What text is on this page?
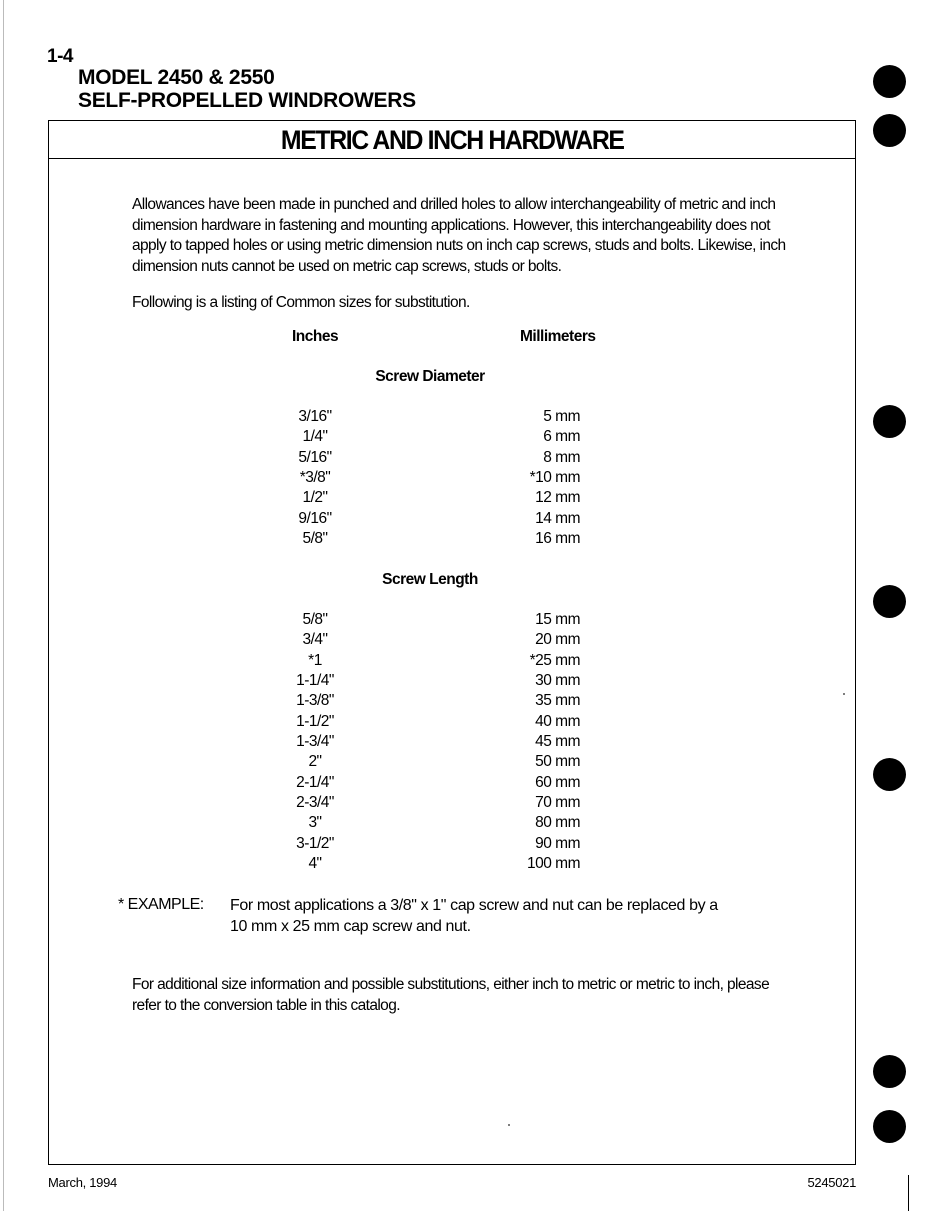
1-4
MODEL 2450 & 2550
SELF-PROPELLED WINDROWERS
METRIC AND INCH HARDWARE
Allowances have been made in punched and drilled holes to allow interchangeability of metric and inch dimension hardware in fastening and mounting applications. However, this interchangeability does not apply to tapped holes or using metric dimension nuts on inch cap screws, studs and bolts. Likewise, inch dimension nuts cannot be used on metric cap screws, studs or bolts.
Following is a listing of Common sizes for substitution.
Inches	Millimeters
Screw Diameter
3/16"	5 mm
1/4"	6 mm
5/16"	8 mm
*3/8"	*10 mm
1/2"	12 mm
9/16"	14 mm
5/8"	16 mm
Screw Length
5/8"	15 mm
3/4"	20 mm
*1	*25 mm
1-1/4"	30 mm
1-3/8"	35 mm
1-1/2"	40 mm
1-3/4"	45 mm
2"	50 mm
2-1/4"	60 mm
2-3/4"	70 mm
3"	80 mm
3-1/2"	90 mm
4"	100 mm
* EXAMPLE: For most applications a 3/8" x 1" cap screw and nut can be replaced by a
10 mm x 25 mm cap screw and nut.
For additional size information and possible substitutions, either inch to metric or metric to inch, please refer to the conversion table in this catalog.
March, 1994	5245021
